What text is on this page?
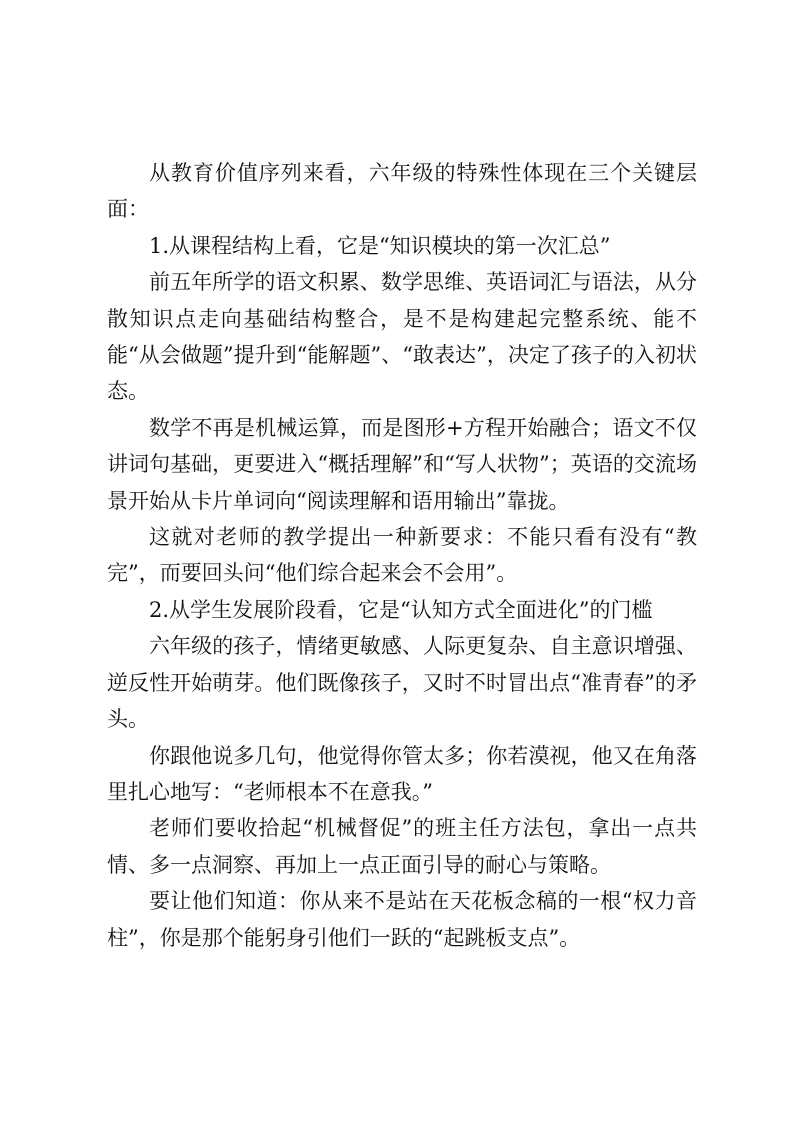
从教育价值序列来看，六年级的特殊性体现在三个关键层面：

1.从课程结构上看，它是“知识模块的第一次汇总”

前五年所学的语文积累、数学思维、英语词汇与语法，从分散知识点走向基础结构整合，是不是构建起完整系统、能不能“从会做题”提升到“能解题”、“敢表达”，决定了孩子的入初状态。

数学不再是机械运算，而是图形+方程开始融合；语文不仅讲词句基础，更要进入“概括理解”和“写人状物”；英语的交流场景开始从卡片单词向“阅读理解和语用输出”靠拢。

这就对老师的教学提出一种新要求：不能只看有没有“教完”，而要回头问“他们综合起来会不会用”。

2.从学生发展阶段看，它是“认知方式全面进化”的门槛

六年级的孩子，情绪更敏感、人际更复杂、自主意识增强、逆反性开始萌芽。他们既像孩子，又时不时冒出点“准青春”的矛头。

你跟他说多几句，他觉得你管太多；你若漠视，他又在角落里扎心地写：“老师根本不在意我。”

老师们要收拾起“机械督促”的班主任方法包，拿出一点共情、多一点洞察、再加上一点正面引导的耐心与策略。

要让他们知道：你从来不是站在天花板念稿的一根“权力音柱”，你是那个能躬身引他们一跃的“起跳板支点”。
